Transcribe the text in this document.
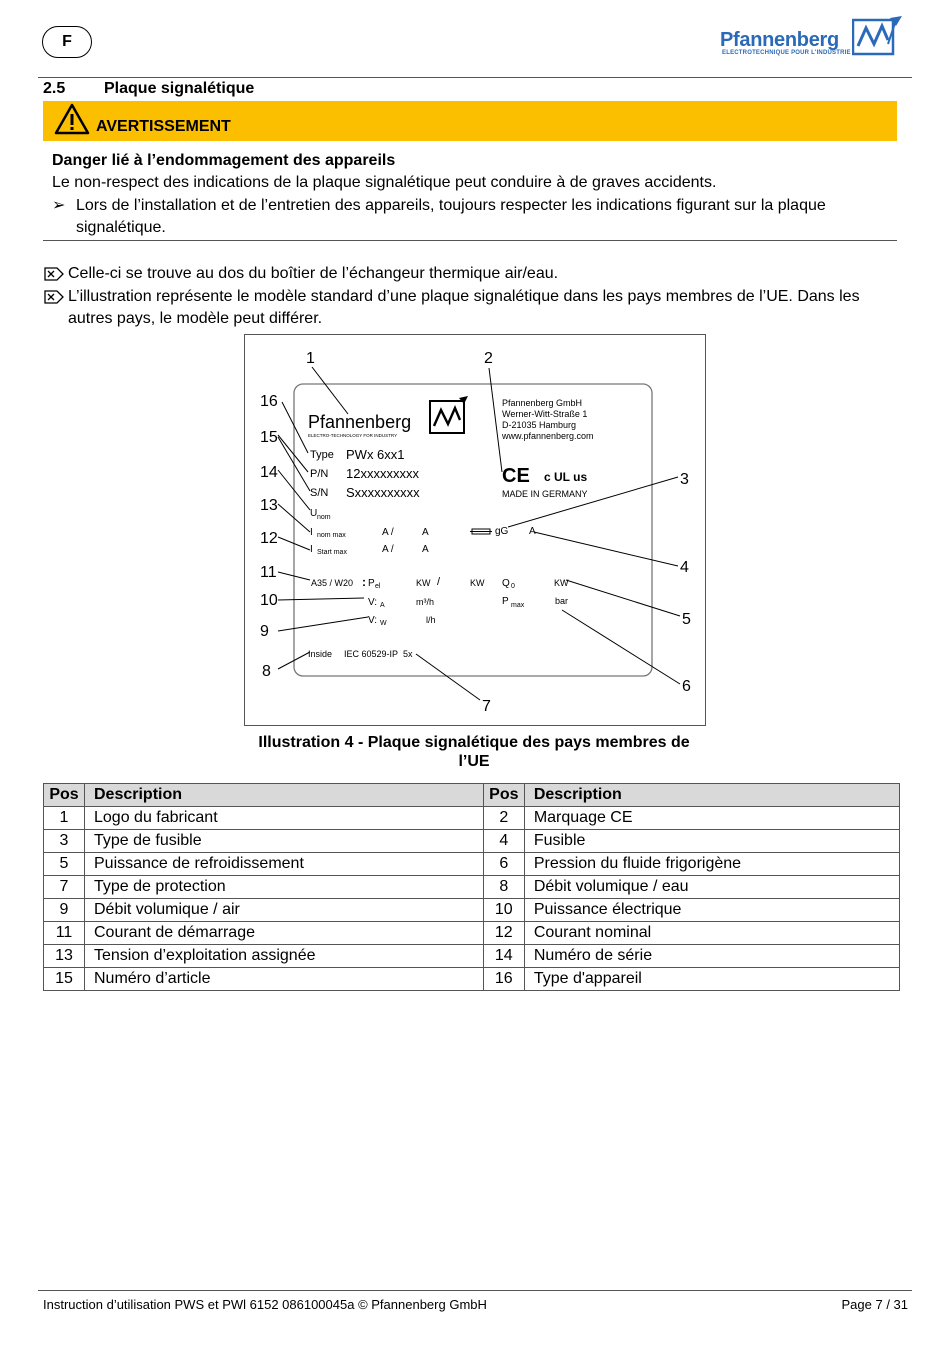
F	Pfannenberg
ELECTROTECHNIQUE POUR L'INDUSTRIE
2.5 Plaque signalétique
AVERTISSEMENT
Danger lié à l’endommagement des appareils
Le non-respect des indications de la plaque signalétique peut conduire à de graves accidents.
➢ Lors de l’installation et de l’entretien des appareils, toujours respecter les indications figurant sur la plaque
signalétique.
Celle-ci se trouve au dos du boîtier de l’échangeur thermique air/eau.
L’illustration représente le modèle standard d’une plaque signalétique dans les pays membres de l’UE. Dans les
autres pays, le modèle peut différer.
Pfannenberg
ELECTRO-TECHNOLOGY FOR INDUSTRY
Pfannenberg GmbH
Werner-Witt-Straße 1
D-21035 Hamburg
www.pfannenberg.com
CE c UL us
MADE IN GERMANY
Type PWx 6xx1
P/N 12xxxxxxxxx
S/N Sxxxxxxxxxx
U nom
I nom max	A /	A
I Start max	A /	A
gG A
A35 / W20 : P el	KW /	KW Q 0	KW
V: A	m³/h	P max	bar
V: W	l/h
Inside IEC 60529-IP 5x
1	2
3
4
5
6
7
8
9
10
11
12
13
14
15
16
Illustration 4 - Plaque signalétique des pays membres de
l’UE
Pos	Description	Pos	Description
1	Logo du fabricant	2	Marquage CE
3	Type de fusible	4	Fusible
5	Puissance de refroidissement	6	Pression du fluide frigorigène
7	Type de protection	8	Débit volumique / eau
9	Débit volumique / air	10	Puissance électrique
11	Courant de démarrage	12	Courant nominal
13	Tension d’exploitation assignée	14	Numéro de série
15	Numéro d’article	16	Type d'appareil
Instruction d’utilisation PWS et PWl 6152 086100045a © Pfannenberg GmbH	Page 7 / 31
